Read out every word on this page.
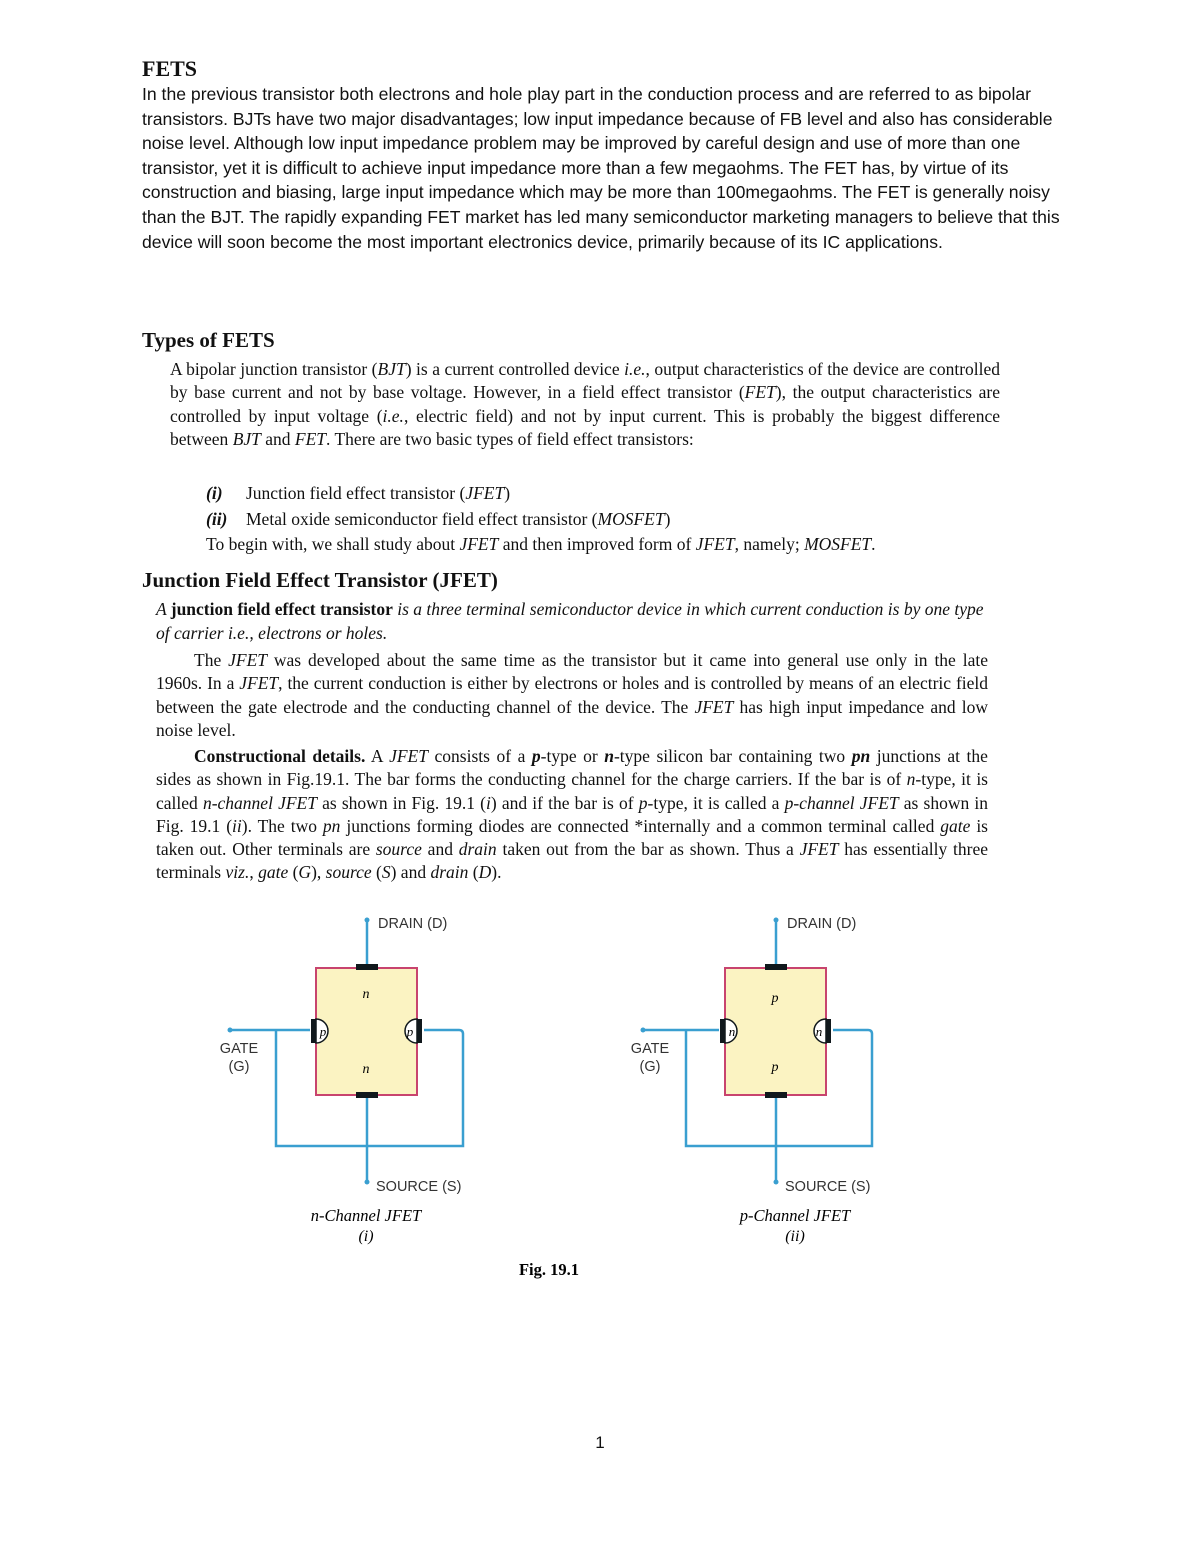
FETS
In the previous transistor both electrons and hole play part in the conduction process and are referred to as bipolar transistors. BJTs have two major disadvantages; low input impedance because of FB level and also has considerable noise level. Although low input impedance problem may be improved by careful design and use of more than one transistor, yet it is difficult to achieve input impedance more than a few megaohms. The FET has, by virtue of its construction and biasing, large input impedance which may be more than 100megaohms. The FET is generally noisy than the BJT. The rapidly expanding FET market has led many semiconductor marketing managers to believe that this device will soon become the most important electronics device, primarily because of its IC applications.
Types of FETS
A bipolar junction transistor (BJT) is a current controlled device i.e., output characteristics of the device are controlled by base current and not by base voltage. However, in a field effect transistor (FET), the output characteristics are controlled by input voltage (i.e., electric field) and not by input current. This is probably the biggest difference between BJT and FET. There are two basic types of field effect transistors:
(i)	Junction field effect transistor (JFET)
(ii)	Metal oxide semiconductor field effect transistor (MOSFET)
To begin with, we shall study about JFET and then improved form of JFET, namely; MOSFET.
Junction Field Effect Transistor (JFET)
A junction field effect transistor is a three terminal semiconductor device in which current conduction is by one type of carrier i.e., electrons or holes.
The JFET was developed about the same time as the transistor but it came into general use only in the late 1960s. In a JFET, the current conduction is either by electrons or holes and is controlled by means of an electric field between the gate electrode and the conducting channel of the device. The JFET has high input impedance and low noise level.
Constructional details. A JFET consists of a p-type or n-type silicon bar containing two pn junctions at the sides as shown in Fig.19.1. The bar forms the conducting channel for the charge carriers. If the bar is of n-type, it is called n-channel JFET as shown in Fig. 19.1 (i) and if the bar is of p-type, it is called a p-channel JFET as shown in Fig. 19.1 (ii). The two pn junctions forming diodes are connected *internally and a common terminal called gate is taken out. Other terminals are source and drain taken out from the bar as shown. Thus a JFET has essentially three terminals viz., gate (G), source (S) and drain (D).
n
n
p	p
DRAIN (D)
SOURCE (S)
GATE
(G)
n-Channel JFET
(i)
p
p
n	n
DRAIN (D)
SOURCE (S)
GATE
(G)
p-Channel JFET
(ii)
Fig. 19.1
1
